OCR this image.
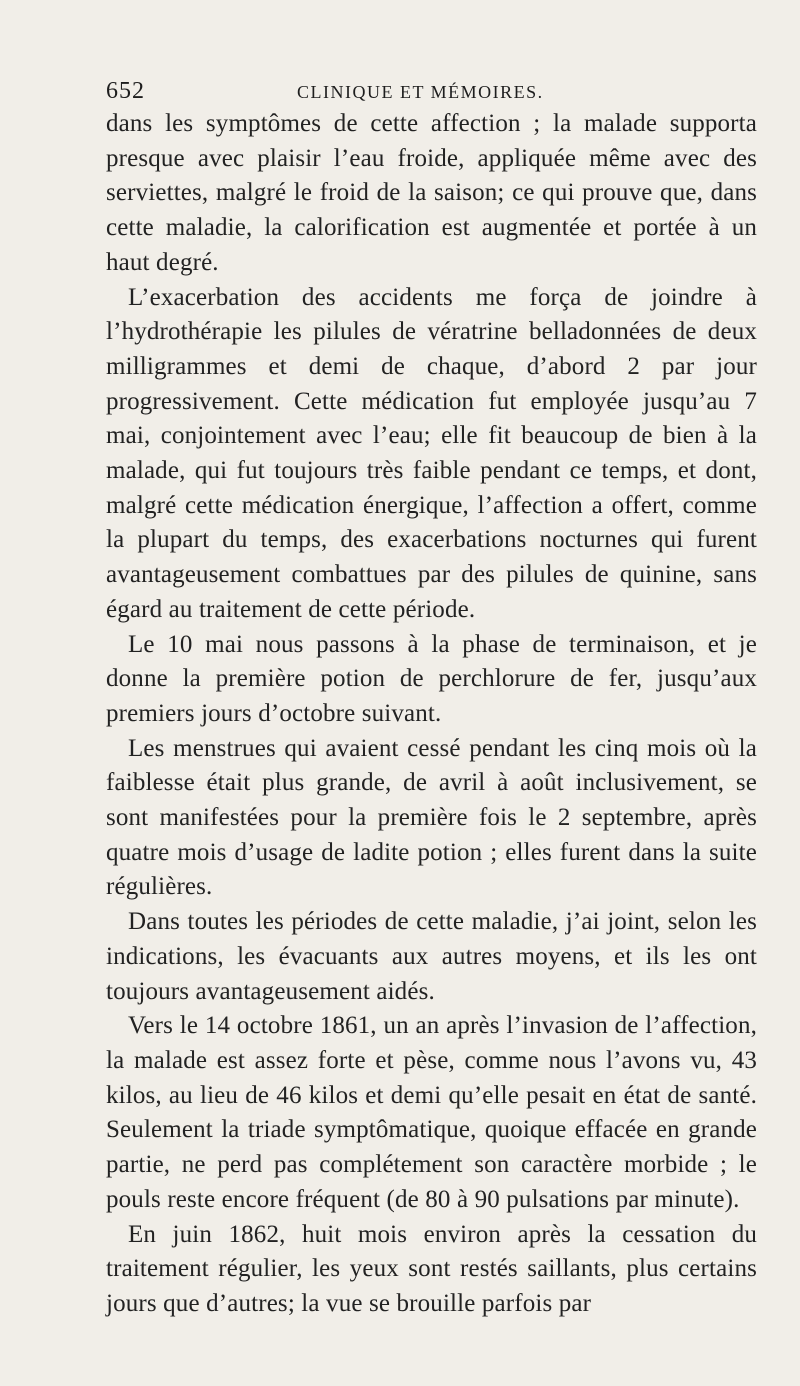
652	CLINIQUE ET MÉMOIRES.

dans les symptômes de cette affection ; la malade supporta presque avec plaisir l’eau froide, appliquée même avec des serviettes, malgré le froid de la saison; ce qui prouve que, dans cette maladie, la calorification est augmentée et portée à un haut degré.

L’exacerbation des accidents me força de joindre à l’hydrothérapie les pilules de vératrine belladonnées de deux milligrammes et demi de chaque, d’abord 2 par jour progressivement. Cette médication fut employée jusqu’au 7 mai, conjointement avec l’eau; elle fit beaucoup de bien à la malade, qui fut toujours très faible pendant ce temps, et dont, malgré cette médication énergique, l’affection a offert, comme la plupart du temps, des exacerbations nocturnes qui furent avantageusement combattues par des pilules de quinine, sans égard au traitement de cette période.

Le 10 mai nous passons à la phase de terminaison, et je donne la première potion de perchlorure de fer, jusqu’aux premiers jours d’octobre suivant.

Les menstrues qui avaient cessé pendant les cinq mois où la faiblesse était plus grande, de avril à août inclusivement, se sont manifestées pour la première fois le 2 septembre, après quatre mois d’usage de ladite potion ; elles furent dans la suite régulières.

Dans toutes les périodes de cette maladie, j’ai joint, selon les indications, les évacuants aux autres moyens, et ils les ont toujours avantageusement aidés.

Vers le 14 octobre 1861, un an après l’invasion de l’affection, la malade est assez forte et pèse, comme nous l’avons vu, 43 kilos, au lieu de 46 kilos et demi qu’elle pesait en état de santé. Seulement la triade symptômatique, quoique effacée en grande partie, ne perd pas complétement son caractère morbide ; le pouls reste encore fréquent (de 80 à 90 pulsations par minute).

En juin 1862, huit mois environ après la cessation du traitement régulier, les yeux sont restés saillants, plus certains jours que d’autres; la vue se brouille parfois par
